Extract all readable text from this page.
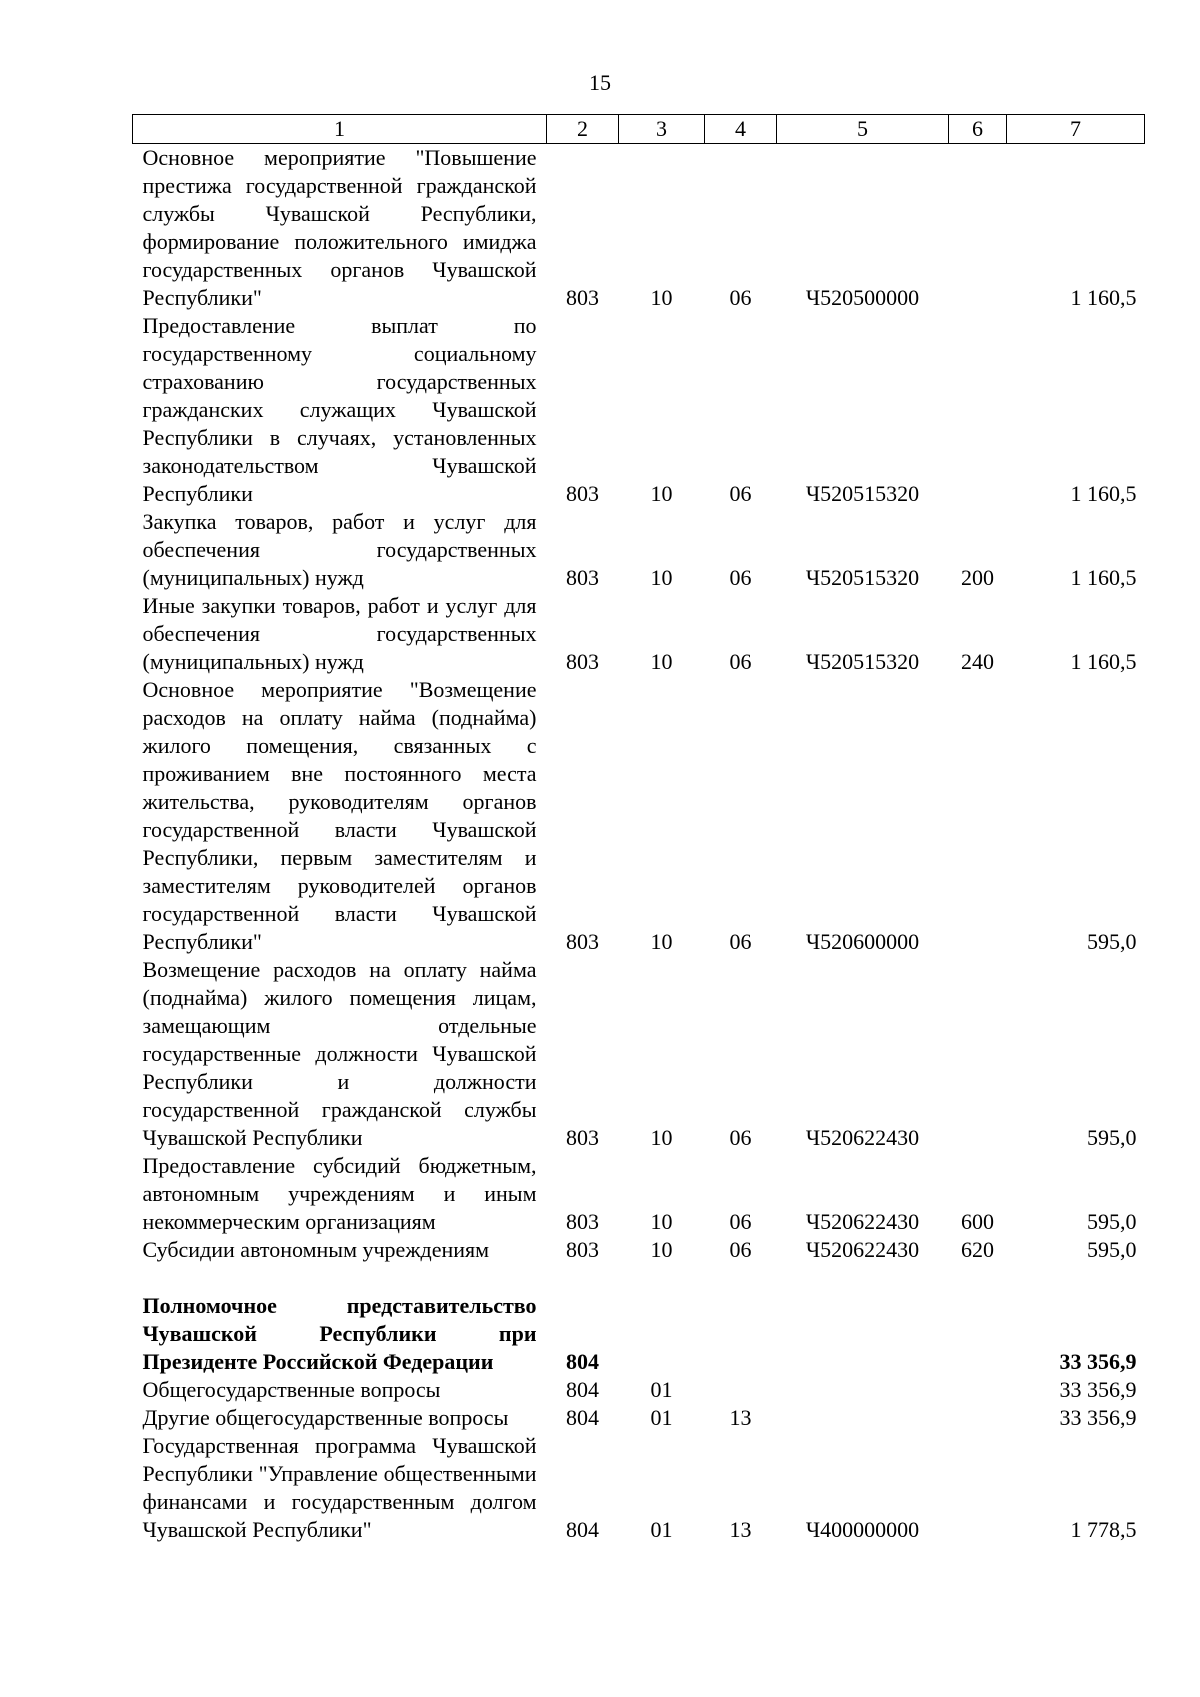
15
1	2	3	4	5	6	7
Основное мероприятие "Повышение престижа государственной гражданской службы Чувашской Республики, формирование положительного имиджа государственных органов Чувашской Республики"	803	10	06	Ч520500000		1 160,5
Предоставление выплат по государственному социальному страхованию государственных гражданских служащих Чувашской Республики в случаях, установленных законодательством Чувашской Республики	803	10	06	Ч520515320		1 160,5
Закупка товаров, работ и услуг для обеспечения государственных (муниципальных) нужд	803	10	06	Ч520515320	200	1 160,5
Иные закупки товаров, работ и услуг для обеспечения государственных (муниципальных) нужд	803	10	06	Ч520515320	240	1 160,5
Основное мероприятие "Возмещение расходов на оплату найма (поднайма) жилого помещения, связанных с проживанием вне постоянного места жительства, руководителям органов государственной власти Чувашской Республики, первым заместителям и заместителям руководителей органов государственной власти Чувашской Республики"	803	10	06	Ч520600000		595,0
Возмещение расходов на оплату найма (поднайма) жилого помещения лицам, замещающим отдельные государственные должности Чувашской Республики и должности государственной гражданской службы Чувашской Республики	803	10	06	Ч520622430		595,0
Предоставление субсидий бюджетным, автономным учреждениям и иным некоммерческим организациям	803	10	06	Ч520622430	600	595,0
Субсидии автономным учреждениям	803	10	06	Ч520622430	620	595,0

Полномочное представительство Чувашской Республики при Президенте Российской Федерации	804					33 356,9
Общегосударственные вопросы	804	01				33 356,9
Другие общегосударственные вопросы	804	01	13			33 356,9
Государственная программа Чувашской Республики "Управление общественными финансами и государственным долгом Чувашской Республики"	804	01	13	Ч400000000		1 778,5
